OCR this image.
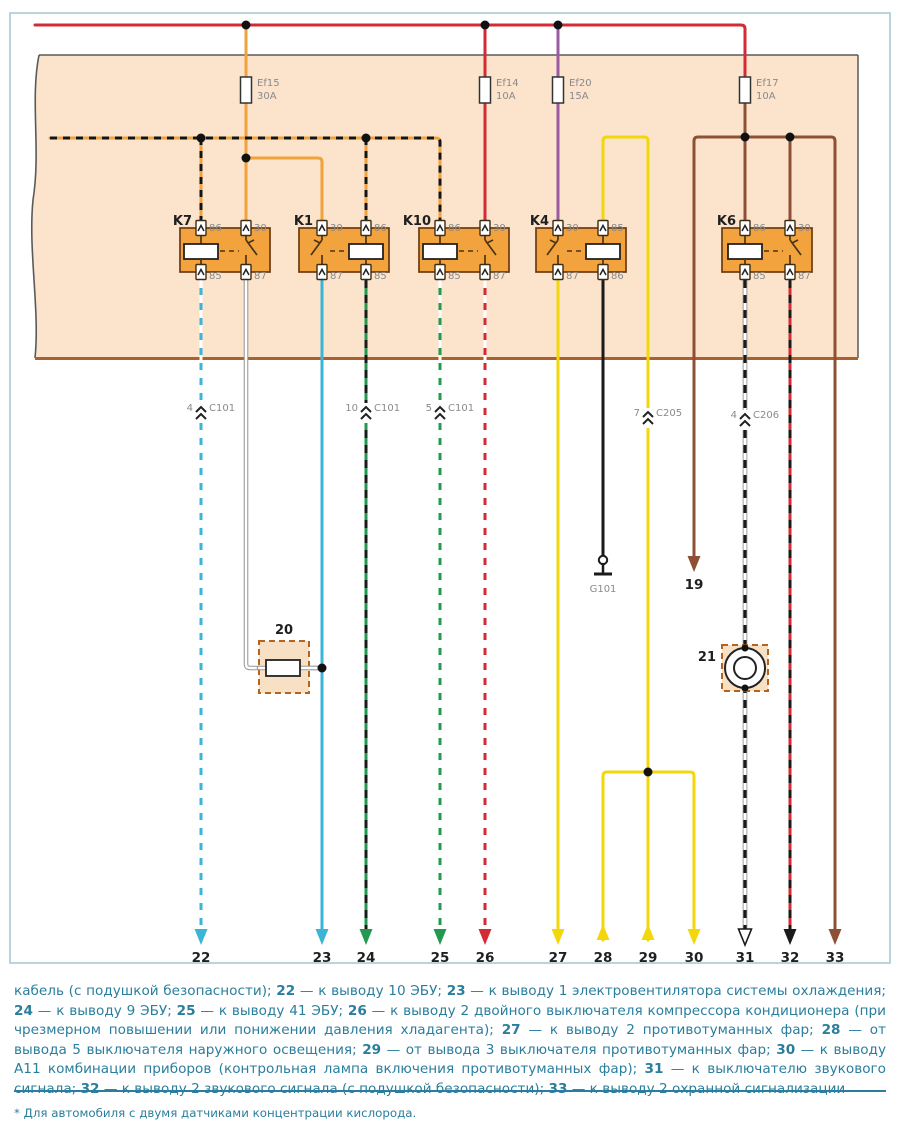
20
21
G101
Ef15
30A
Ef14
10A
Ef20
15A
Ef17
10A
K7 86	30
85	87
K1 30	86
87	85
K10 86	30
85	87
K4 30	85
87	86
K6 86	30
85	87
4 C101	10 C101	5 C101	7 C205	4 C206
19
22	23 24	25 26	27 28 29 30 31 32 33
кабель (с подушкой безопасности); 22 — к выводу 10 ЭБУ; 23 — к выводу 1 электровентилятора системы охлаждения; 24 — к выводу 9 ЭБУ; 25 — к выводу 41 ЭБУ; 26 — к выводу 2 двойного выключателя компрессора кондиционера (при чрезмерном повышении или понижении давления хладагента); 27 — к выводу 2 противотуманных фар; 28 — от вывода 5 выключателя наружного освещения; 29 — от вывода 3 выключателя противотуманных фар; 30 — к выводу А11 комбинации приборов (контрольная лампа включения противотуманных фар); 31 — к выключателю звукового сигнала; 32 — к выводу 2 звукового сигнала (с подушкой безопасности); 33 — к выводу 2 охранной сигнализации
* Для автомобиля с двумя датчиками концентрации кислорода.
